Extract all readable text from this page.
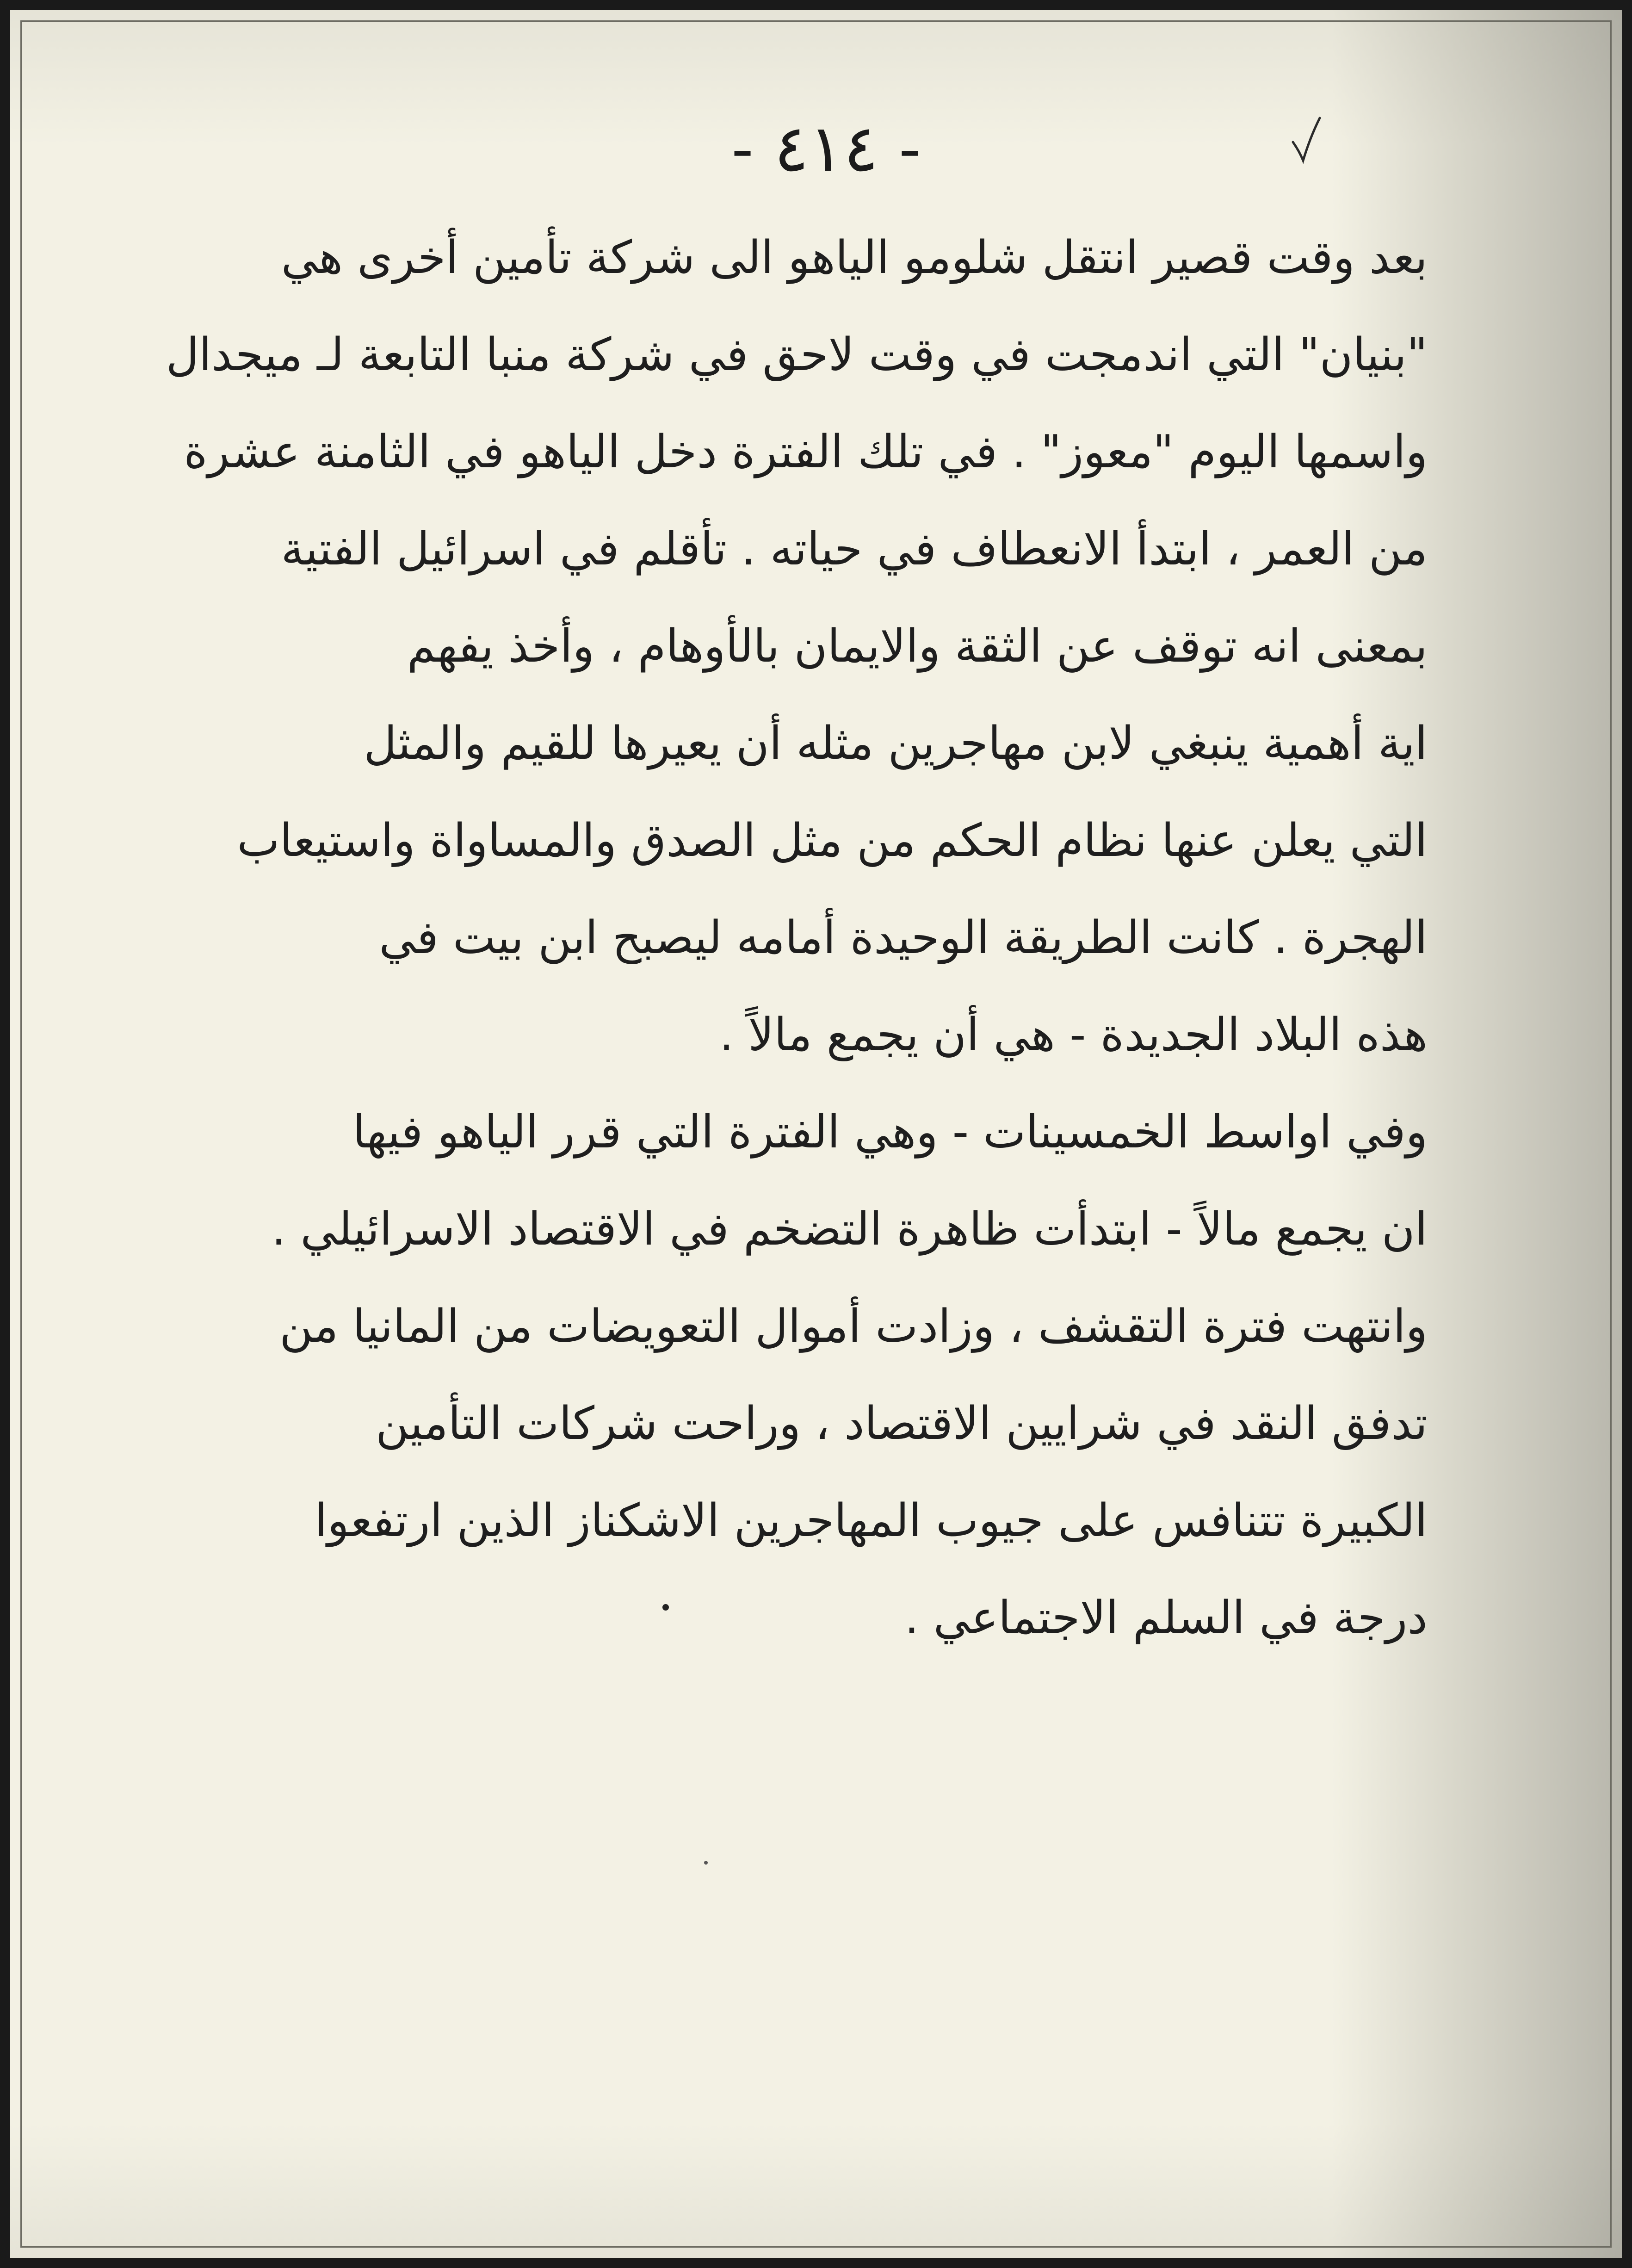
- ٤١٤ -
بعد وقت قصير انتقل شلومو الياهو الى شركة تأمين أخرى هي
"بنيان" التي اندمجت في وقت لاحق في شركة منبا التابعة لـ ميجدال
واسمها اليوم "معوز" . في تلك الفترة دخل الياهو في الثامنة عشرة
من العمر ، ابتدأ الانعطاف في حياته . تأقلم في اسرائيل الفتية
بمعنى انه توقف عن الثقة والايمان بالأوهام ، وأخذ يفهم
اية أهمية ينبغي لابن مهاجرين مثله أن يعيرها للقيم والمثل
التي يعلن عنها نظام الحكم من مثل الصدق والمساواة واستيعاب
الهجرة . كانت الطريقة الوحيدة أمامه ليصبح ابن بيت في
هذه البلاد الجديدة - هي أن يجمع مالاً .
وفي اواسط الخمسينات - وهي الفترة التي قرر الياهو فيها
ان يجمع مالاً - ابتدأت ظاهرة التضخم في الاقتصاد الاسرائيلي .
وانتهت فترة التقشف ، وزادت أموال التعويضات من المانيا من
تدفق النقد في شرايين الاقتصاد ، وراحت شركات التأمين
الكبيرة تتنافس على جيوب المهاجرين الاشكناز الذين ارتفعوا
درجة في السلم الاجتماعي .
